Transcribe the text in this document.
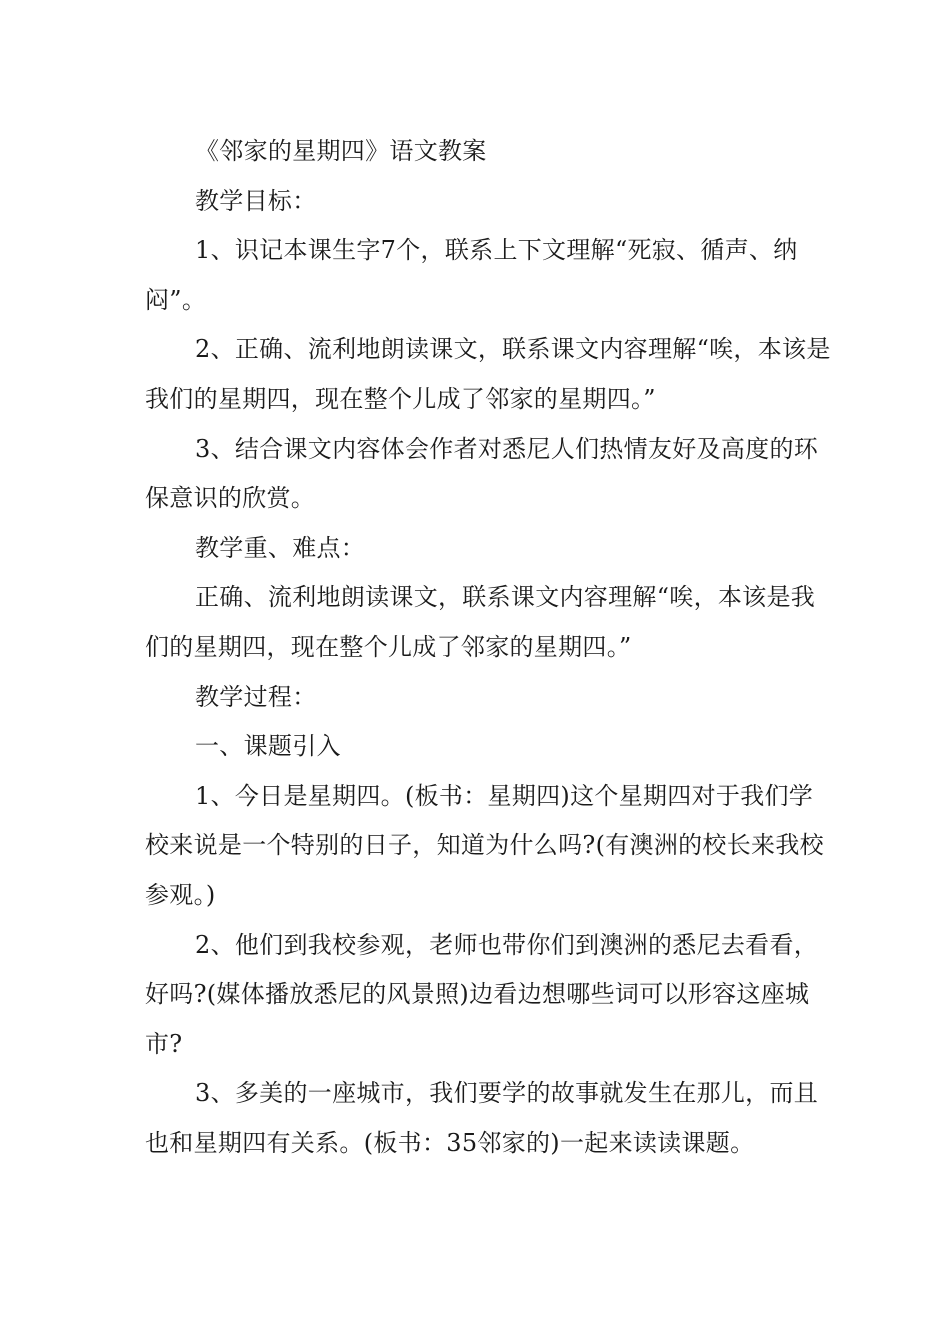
《邻家的星期四》语文教案

教学目标：

1、识记本课生字7个，联系上下文理解“死寂、循声、纳闷”。

2、正确、流利地朗读课文，联系课文内容理解“唉，本该是我们的星期四，现在整个儿成了邻家的星期四。”

3、结合课文内容体会作者对悉尼人们热情友好及高度的环保意识的欣赏。

教学重、难点：

正确、流利地朗读课文，联系课文内容理解“唉，本该是我们的星期四，现在整个儿成了邻家的星期四。”

教学过程：

一、课题引入

1、今日是星期四。(板书：星期四)这个星期四对于我们学校来说是一个特别的日子，知道为什么吗?(有澳洲的校长来我校参观。)

2、他们到我校参观，老师也带你们到澳洲的悉尼去看看，好吗?(媒体播放悉尼的风景照)边看边想哪些词可以形容这座城市?

3、多美的一座城市，我们要学的故事就发生在那儿，而且也和星期四有关系。(板书：35邻家的)一起来读读课题。
